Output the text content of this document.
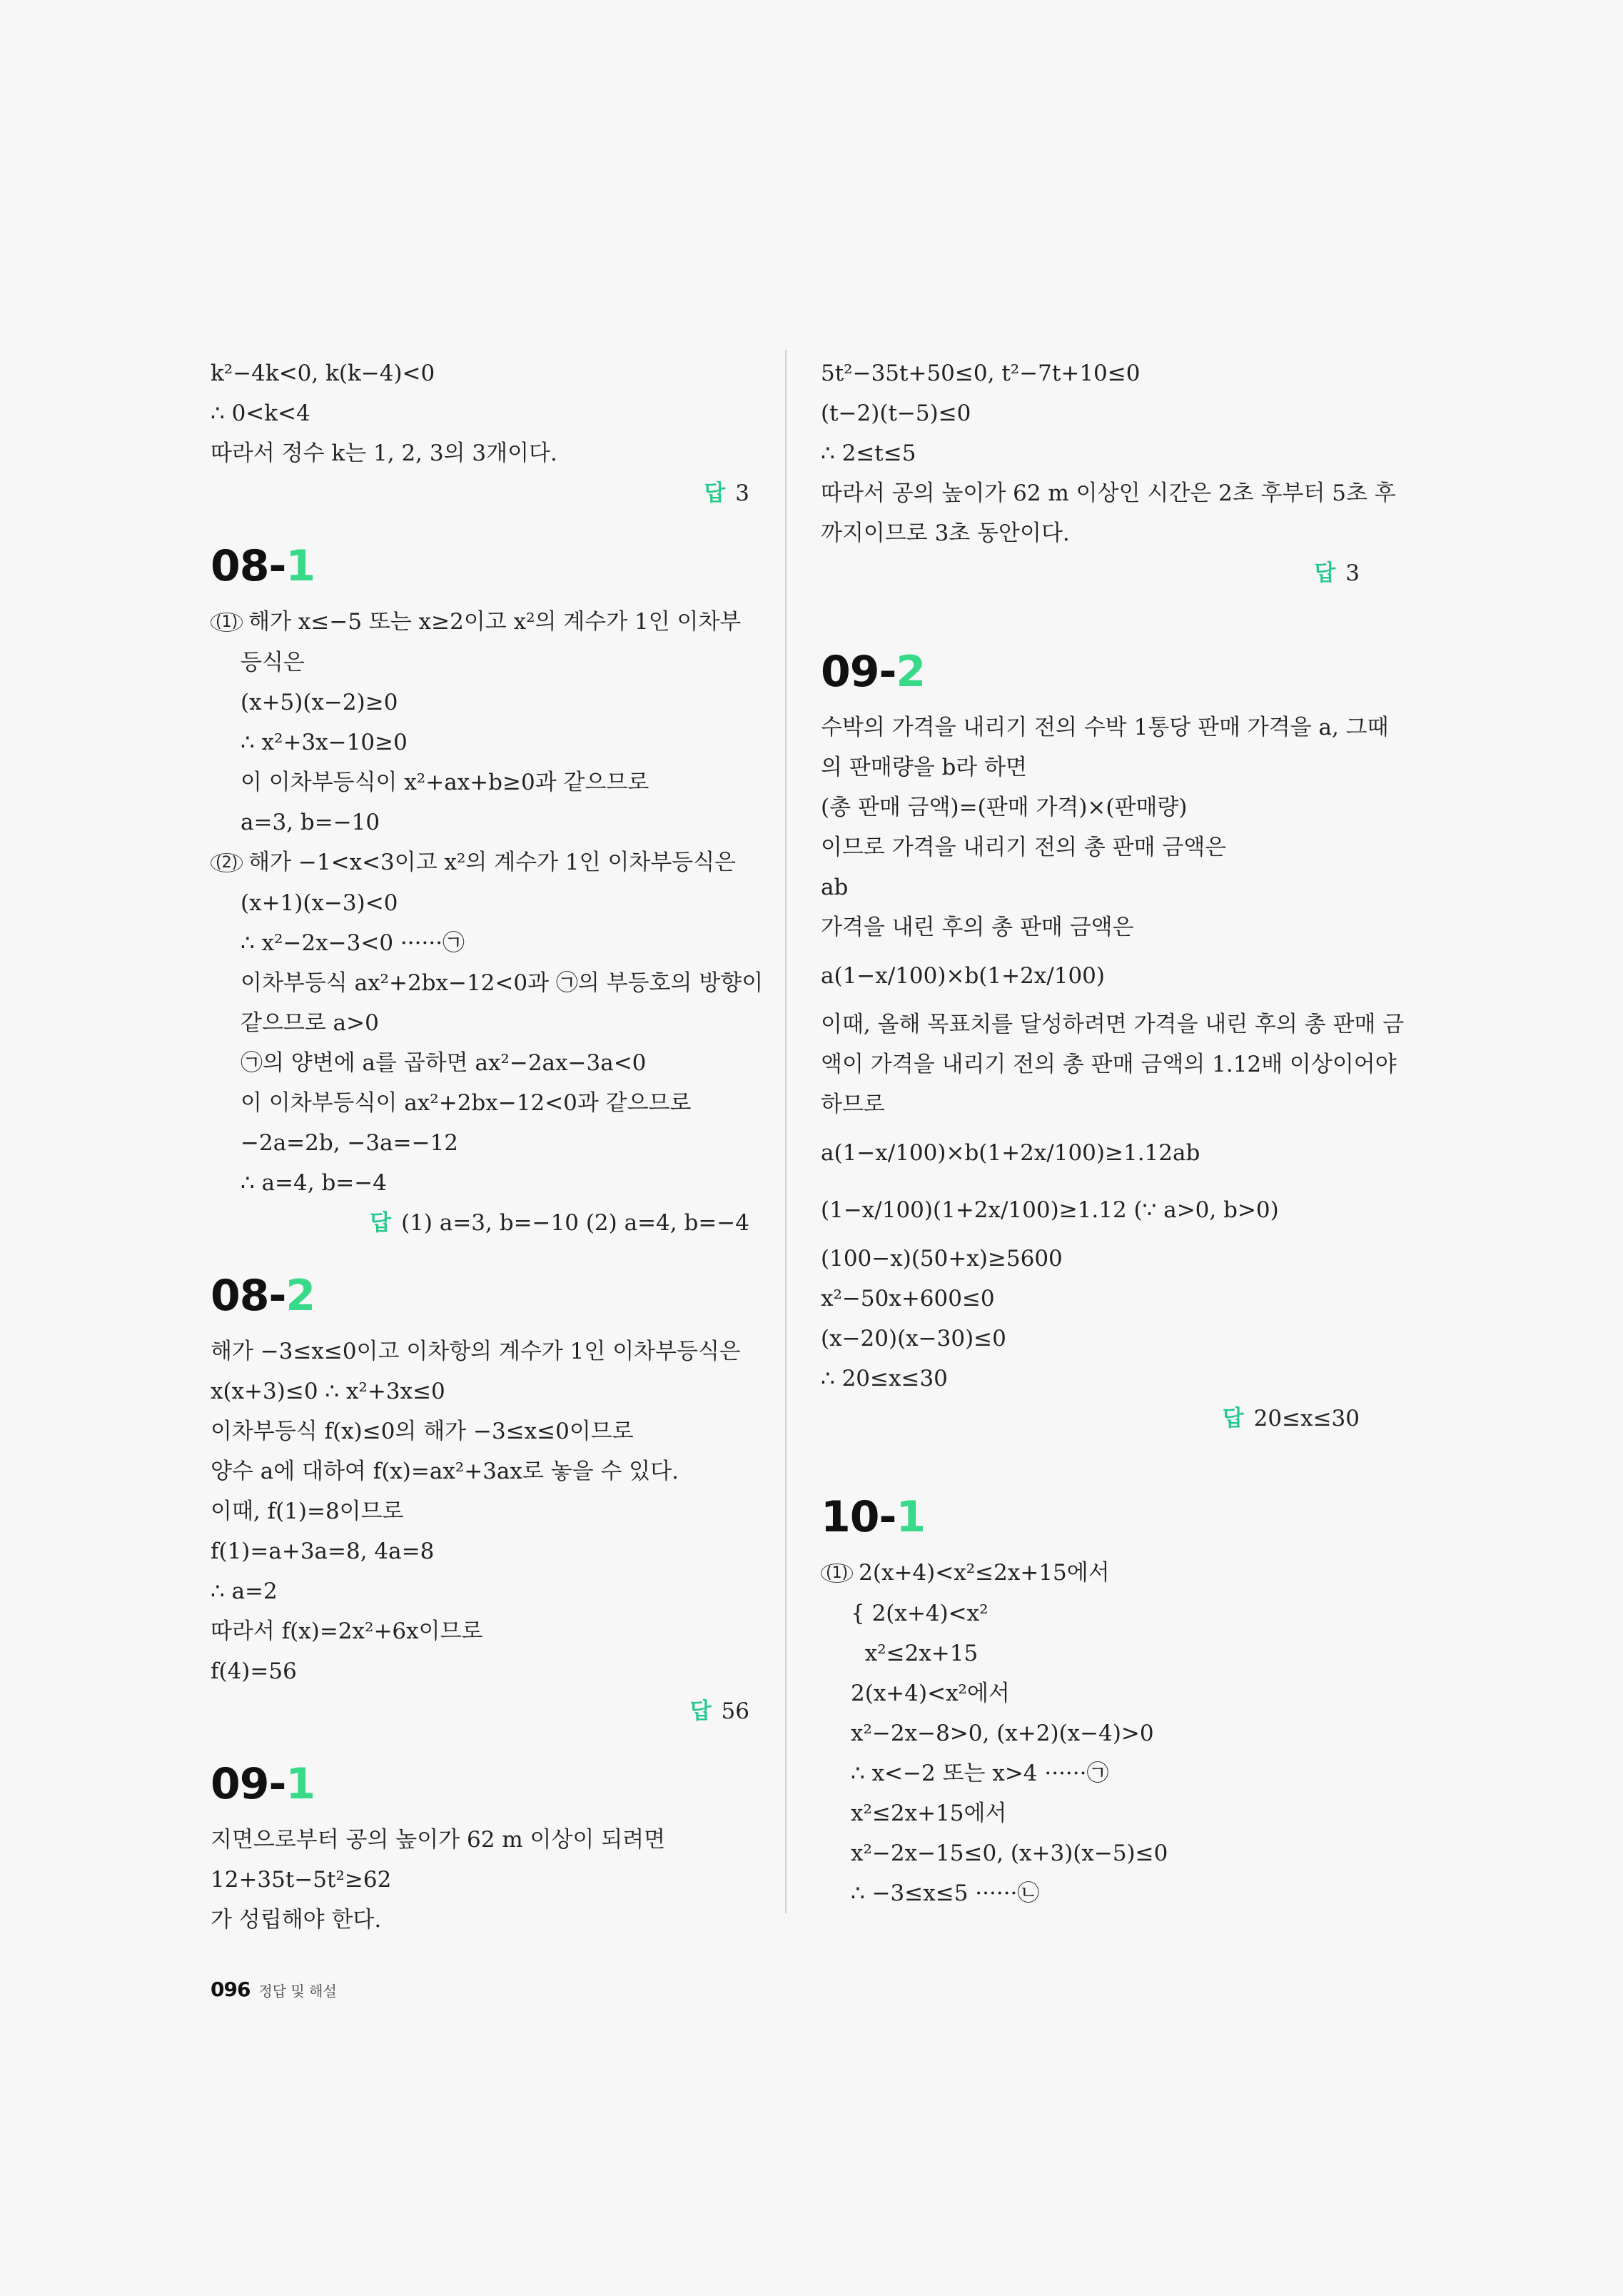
k²−4k<0, k(k−4)<0
∴ 0<k<4
따라서 정수 k는 1, 2, 3의 3개이다.
답 3
08-1
(1) 해가 x≤−5 또는 x≥2이고 x²의 계수가 1인 이차부
등식은
(x+5)(x−2)≥0
∴ x²+3x−10≥0
이 이차부등식이 x²+ax+b≥0과 같으므로
a=3, b=−10
(2) 해가 −1<x<3이고 x²의 계수가 1인 이차부등식은
(x+1)(x−3)<0
∴ x²−2x−3<0 ······㉠
이차부등식 ax²+2bx−12<0과 ㉠의 부등호의 방향이
같으므로 a>0
㉠의 양변에 a를 곱하면 ax²−2ax−3a<0
이 이차부등식이 ax²+2bx−12<0과 같으므로
−2a=2b, −3a=−12
∴ a=4, b=−4
답 (1) a=3, b=−10 (2) a=4, b=−4
08-2
해가 −3≤x≤0이고 이차항의 계수가 1인 이차부등식은
x(x+3)≤0 ∴ x²+3x≤0
이차부등식 f(x)≤0의 해가 −3≤x≤0이므로
양수 a에 대하여 f(x)=ax²+3ax로 놓을 수 있다.
이때, f(1)=8이므로
f(1)=a+3a=8, 4a=8
∴ a=2
따라서 f(x)=2x²+6x이므로
f(4)=56
답 56
09-1
지면으로부터 공의 높이가 62 m 이상이 되려면
12+35t−5t²≥62
가 성립해야 한다.
5t²−35t+50≤0, t²−7t+10≤0
(t−2)(t−5)≤0
∴ 2≤t≤5
따라서 공의 높이가 62 m 이상인 시간은 2초 후부터 5초 후
까지이므로 3초 동안이다.
답 3
09-2
수박의 가격을 내리기 전의 수박 1통당 판매 가격을 a, 그때
의 판매량을 b라 하면
(총 판매 금액)=(판매 가격)×(판매량)
이므로 가격을 내리기 전의 총 판매 금액은
ab
가격을 내린 후의 총 판매 금액은
a(1−x/100)×b(1+2x/100)
이때, 올해 목표치를 달성하려면 가격을 내린 후의 총 판매 금
액이 가격을 내리기 전의 총 판매 금액의 1.12배 이상이어야
하므로
a(1−x/100)×b(1+2x/100)≥1.12ab
(1−x/100)(1+2x/100)≥1.12 (∵ a>0, b>0)
(100−x)(50+x)≥5600
x²−50x+600≤0
(x−20)(x−30)≤0
∴ 20≤x≤30
답 20≤x≤30
10-1
(1) 2(x+4)<x²≤2x+15에서
{ 2(x+4)<x²
x²≤2x+15
2(x+4)<x²에서
x²−2x−8>0, (x+2)(x−4)>0
∴ x<−2 또는 x>4 ······㉠
x²≤2x+15에서
x²−2x−15≤0, (x+3)(x−5)≤0
∴ −3≤x≤5 ······㉡
096 정답 및 해설
